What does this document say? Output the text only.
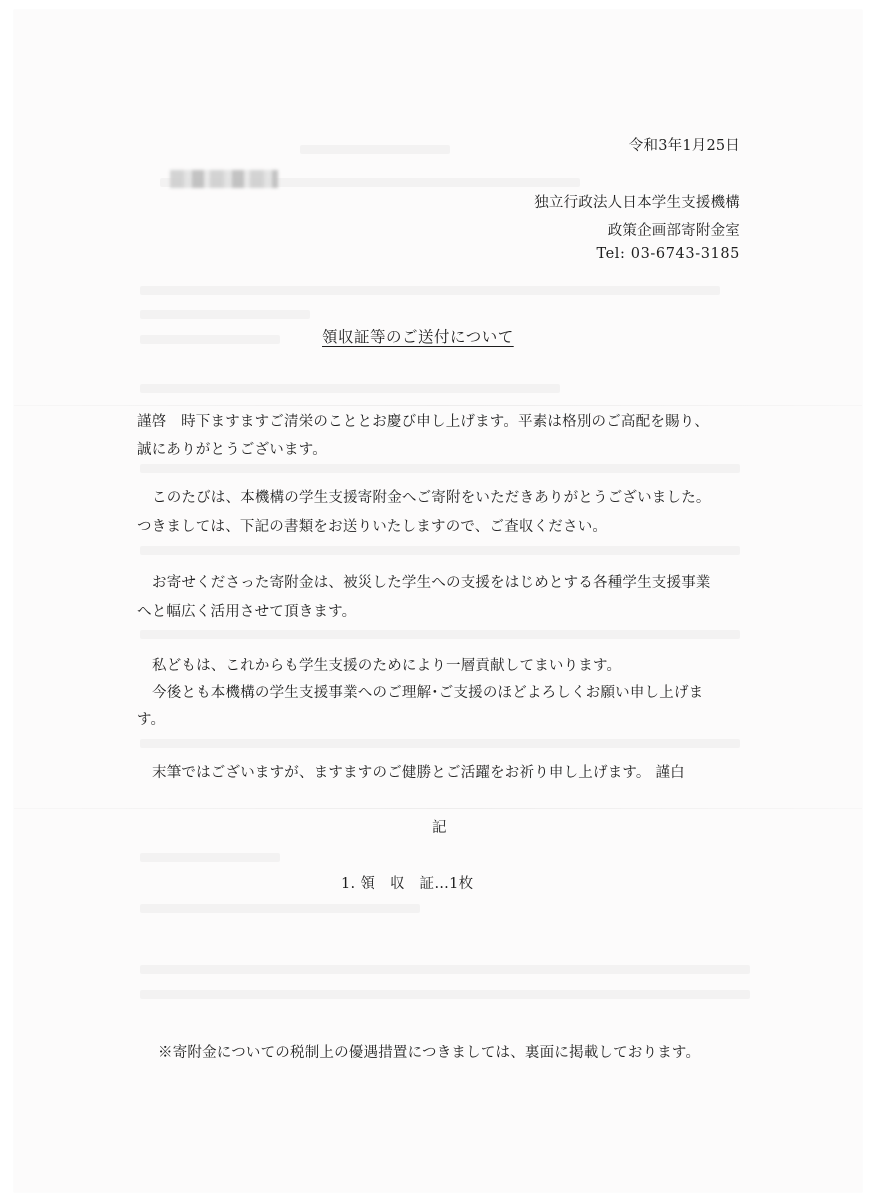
令和3年1月25日
独立行政法人日本学生支援機構
政策企画部寄附金室
Tel: 03-6743-3185
領収証等のご送付について
謹啓　時下ますますご清栄のこととお慶び申し上げます。平素は格別のご高配を賜り、
誠にありがとうございます。
このたびは、本機構の学生支援寄附金へご寄附をいただきありがとうございました。
つきましては、下記の書類をお送りいたしますので、ご査収ください。
お寄せくださった寄附金は、被災した学生への支援をはじめとする各種学生支援事業
へと幅広く活用させて頂きます。
私どもは、これからも学生支援のためにより一層貢献してまいります。
今後とも本機構の学生支援事業へのご理解･ご支援のほどよろしくお願い申し上げま
す。
末筆ではございますが、ますますのご健勝とご活躍をお祈り申し上げます。 謹白
記
1. 領　収　証…1枚
※寄附金についての税制上の優遇措置につきましては、裏面に掲載しております。
